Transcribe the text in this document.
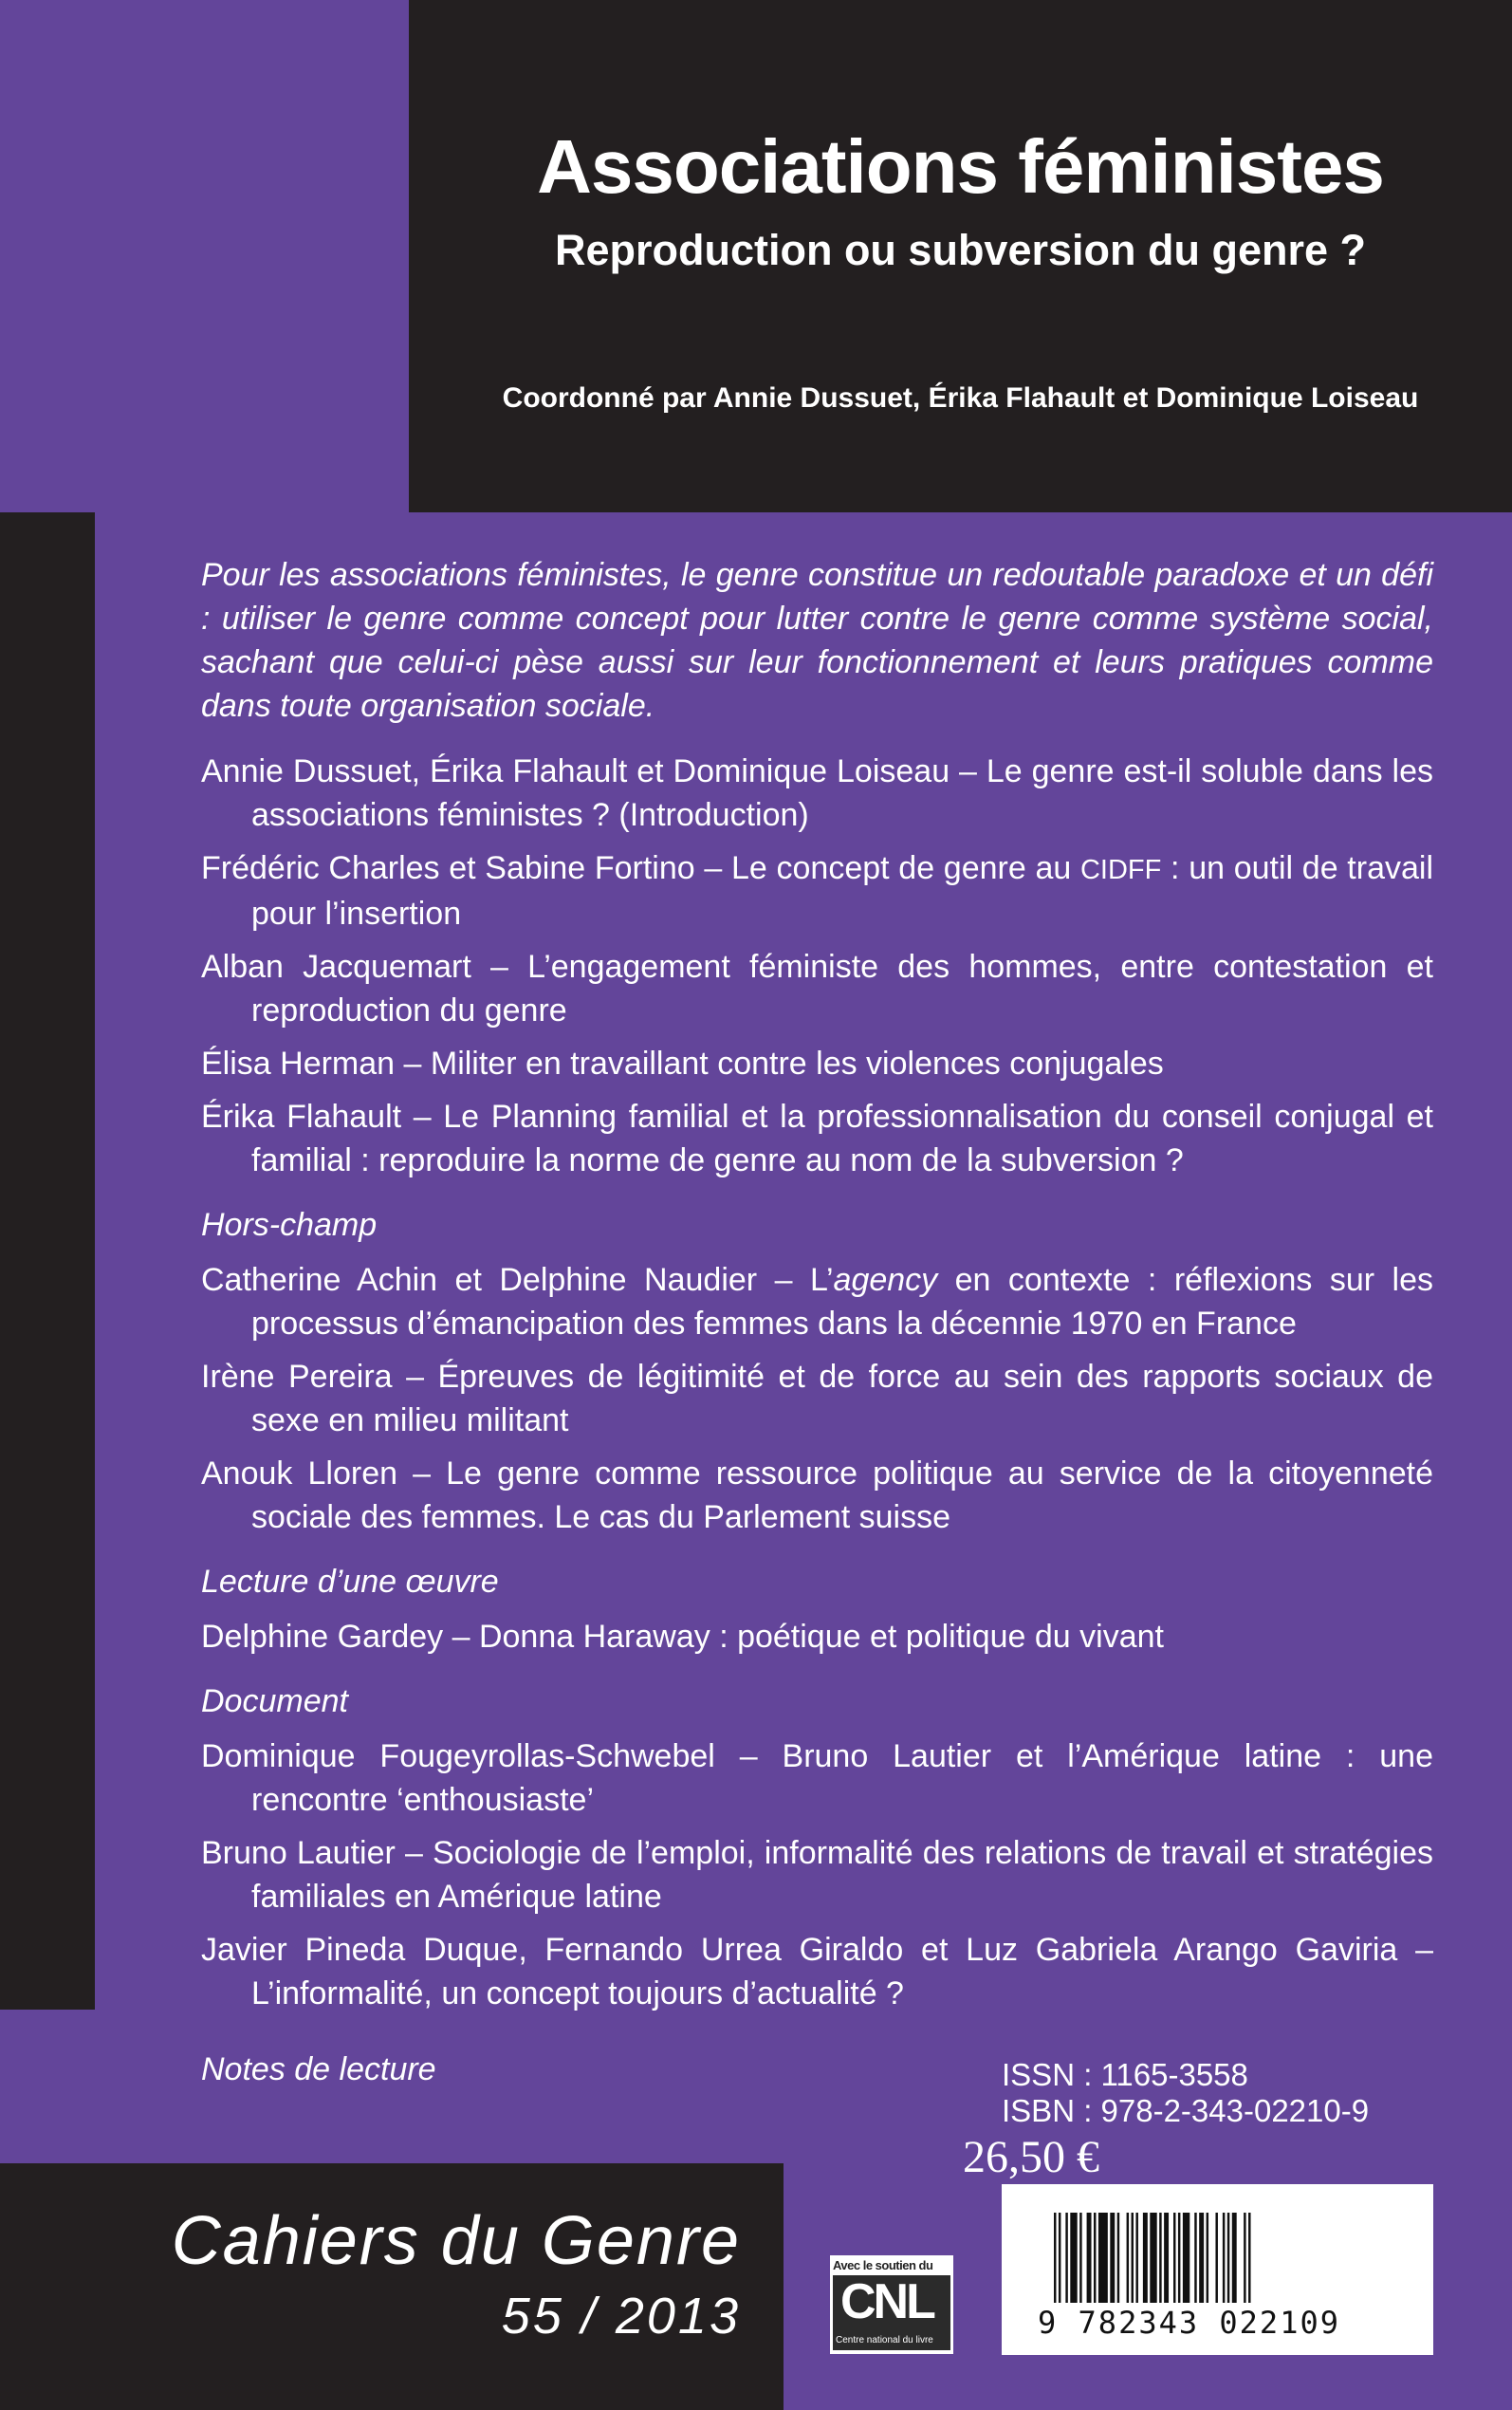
Associations féministes
Reproduction ou subversion du genre ?
Coordonné par Annie Dussuet, Érika Flahault et Dominique Loiseau
Pour les associations féministes, le genre constitue un redoutable paradoxe et un défi : utiliser le genre comme concept pour lutter contre le genre comme système social, sachant que celui-ci pèse aussi sur leur fonctionnement et leurs pratiques comme dans toute organisation sociale.
Annie Dussuet, Érika Flahault et Dominique Loiseau – Le genre est-il soluble dans les associations féministes ? (Introduction)
Frédéric Charles et Sabine Fortino – Le concept de genre au CIDFF : un outil de travail pour l’insertion
Alban Jacquemart – L’engagement féministe des hommes, entre contestation et reproduction du genre
Élisa Herman – Militer en travaillant contre les violences conjugales
Érika Flahault – Le Planning familial et la professionnalisation du conseil conjugal et familial : reproduire la norme de genre au nom de la subversion ?
Hors-champ
Catherine Achin et Delphine Naudier – L’agency en contexte : réflexions sur les processus d’émancipation des femmes dans la décennie 1970 en France
Irène Pereira – Épreuves de légitimité et de force au sein des rapports sociaux de sexe en milieu militant
Anouk Lloren – Le genre comme ressource politique au service de la citoyenneté sociale des femmes. Le cas du Parlement suisse
Lecture d’une œuvre
Delphine Gardey – Donna Haraway : poétique et politique du vivant
Document
Dominique Fougeyrollas-Schwebel – Bruno Lautier et l’Amérique latine : une rencontre ‘enthousiaste’
Bruno Lautier – Sociologie de l’emploi, informalité des relations de travail et stratégies familiales en Amérique latine
Javier Pineda Duque, Fernando Urrea Giraldo et Luz Gabriela Arango Gaviria – L’informalité, un concept toujours d’actualité ?
Notes de lecture
Cahiers du Genre
55 / 2013
ISSN : 1165-3558
ISBN : 978-2-343-02210-9
26,50 €
Avec le soutien du
CNL
Centre national du livre	9 782343 022109
